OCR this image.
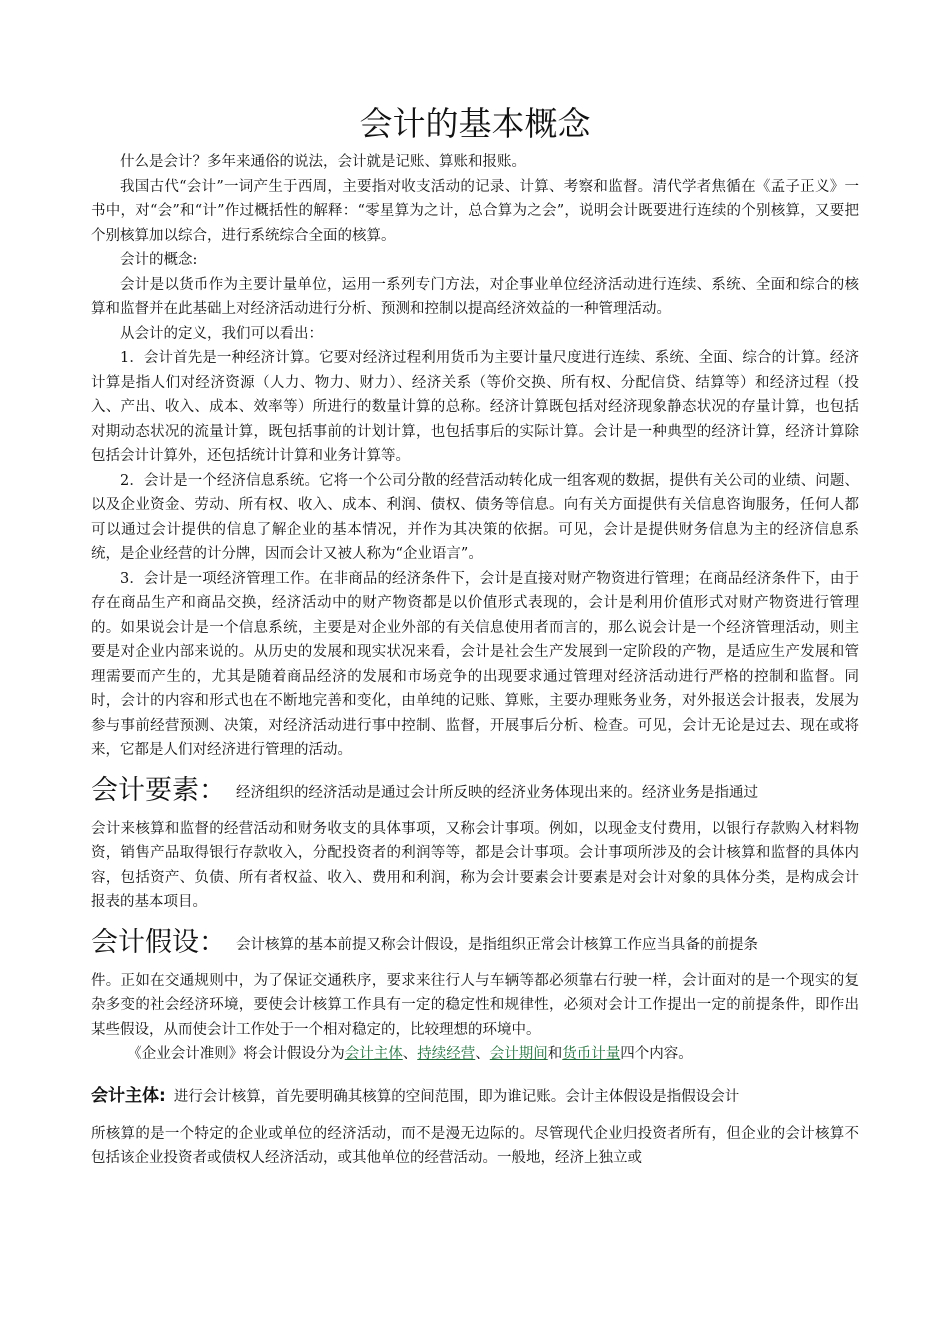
会计的基本概念

什么是会计？多年来通俗的说法，会计就是记账、算账和报账。

我国古代“会计”一词产生于西周，主要指对收支活动的记录、计算、考察和监督。清代学者焦循在《孟子正义》一书中，对“会”和“计”作过概括性的解释：“零星算为之计，总合算为之会”，说明会计既要进行连续的个别核算，又要把个别核算加以综合，进行系统综合全面的核算。

会计的概念:

会计是以货币作为主要计量单位，运用一系列专门方法，对企事业单位经济活动进行连续、系统、全面和综合的核算和监督并在此基础上对经济活动进行分析、预测和控制以提高经济效益的一种管理活动。

从会计的定义，我们可以看出：

1．会计首先是一种经济计算。它要对经济过程利用货币为主要计量尺度进行连续、系统、全面、综合的计算。经济计算是指人们对经济资源（人力、物力、财力）、经济关系（等价交换、所有权、分配信贷、结算等）和经济过程（投入、产出、收入、成本、效率等）所进行的数量计算的总称。经济计算既包括对经济现象静态状况的存量计算，也包括对期动态状况的流量计算，既包括事前的计划计算，也包括事后的实际计算。会计是一种典型的经济计算，经济计算除包括会计计算外，还包括统计计算和业务计算等。

2．会计是一个经济信息系统。它将一个公司分散的经营活动转化成一组客观的数据，提供有关公司的业绩、问题、以及企业资金、劳动、所有权、收入、成本、利润、债权、债务等信息。向有关方面提供有关信息咨询服务，任何人都可以通过会计提供的信息了解企业的基本情况，并作为其决策的依据。可见，会计是提供财务信息为主的经济信息系统，是企业经营的计分牌，因而会计又被人称为“企业语言”。

3．会计是一项经济管理工作。在非商品的经济条件下，会计是直接对财产物资进行管理；在商品经济条件下，由于存在商品生产和商品交换，经济活动中的财产物资都是以价值形式表现的，会计是利用价值形式对财产物资进行管理的。如果说会计是一个信息系统，主要是对企业外部的有关信息使用者而言的，那么说会计是一个经济管理活动，则主要是对企业内部来说的。从历史的发展和现实状况来看，会计是社会生产发展到一定阶段的产物，是适应生产发展和管理需要而产生的，尤其是随着商品经济的发展和市场竞争的出现要求通过管理对经济活动进行严格的控制和监督。同时，会计的内容和形式也在不断地完善和变化，由单纯的记账、算账，主要办理账务业务，对外报送会计报表，发展为参与事前经营预测、决策，对经济活动进行事中控制、监督，开展事后分析、检查。可见，会计无论是过去、现在或将来，它都是人们对经济进行管理的活动。

会计要素： 经济组织的经济活动是通过会计所反映的经济业务体现出来的。经济业务是指通过

会计来核算和监督的经营活动和财务收支的具体事项，又称会计事项。例如，以现金支付费用，以银行存款购入材料物资，销售产品取得银行存款收入，分配投资者的利润等等，都是会计事项。会计事项所涉及的会计核算和监督的具体内容，包括资产、负债、所有者权益、收入、费用和利润，称为会计要素会计要素是对会计对象的具体分类，是构成会计报表的基本项目。

会计假设： 会计核算的基本前提又称会计假设，是指组织正常会计核算工作应当具备的前提条

件。正如在交通规则中，为了保证交通秩序，要求来往行人与车辆等都必须靠右行驶一样，会计面对的是一个现实的复杂多变的社会经济环境，要使会计核算工作具有一定的稳定性和规律性，必须对会计工作提出一定的前提条件，即作出某些假设，从而使会计工作处于一个相对稳定的，比较理想的环境中。

《企业会计准则》将会计假设分为会计主体、持续经营、会计期间和货币计量四个内容。

会计主体: 进行会计核算，首先要明确其核算的空间范围，即为谁记账。会计主体假设是指假设会计

所核算的是一个特定的企业或单位的经济活动，而不是漫无边际的。尽管现代企业归投资者所有，但企业的会计核算不包括该企业投资者或债权人经济活动，或其他单位的经营活动。一般地，经济上独立或
